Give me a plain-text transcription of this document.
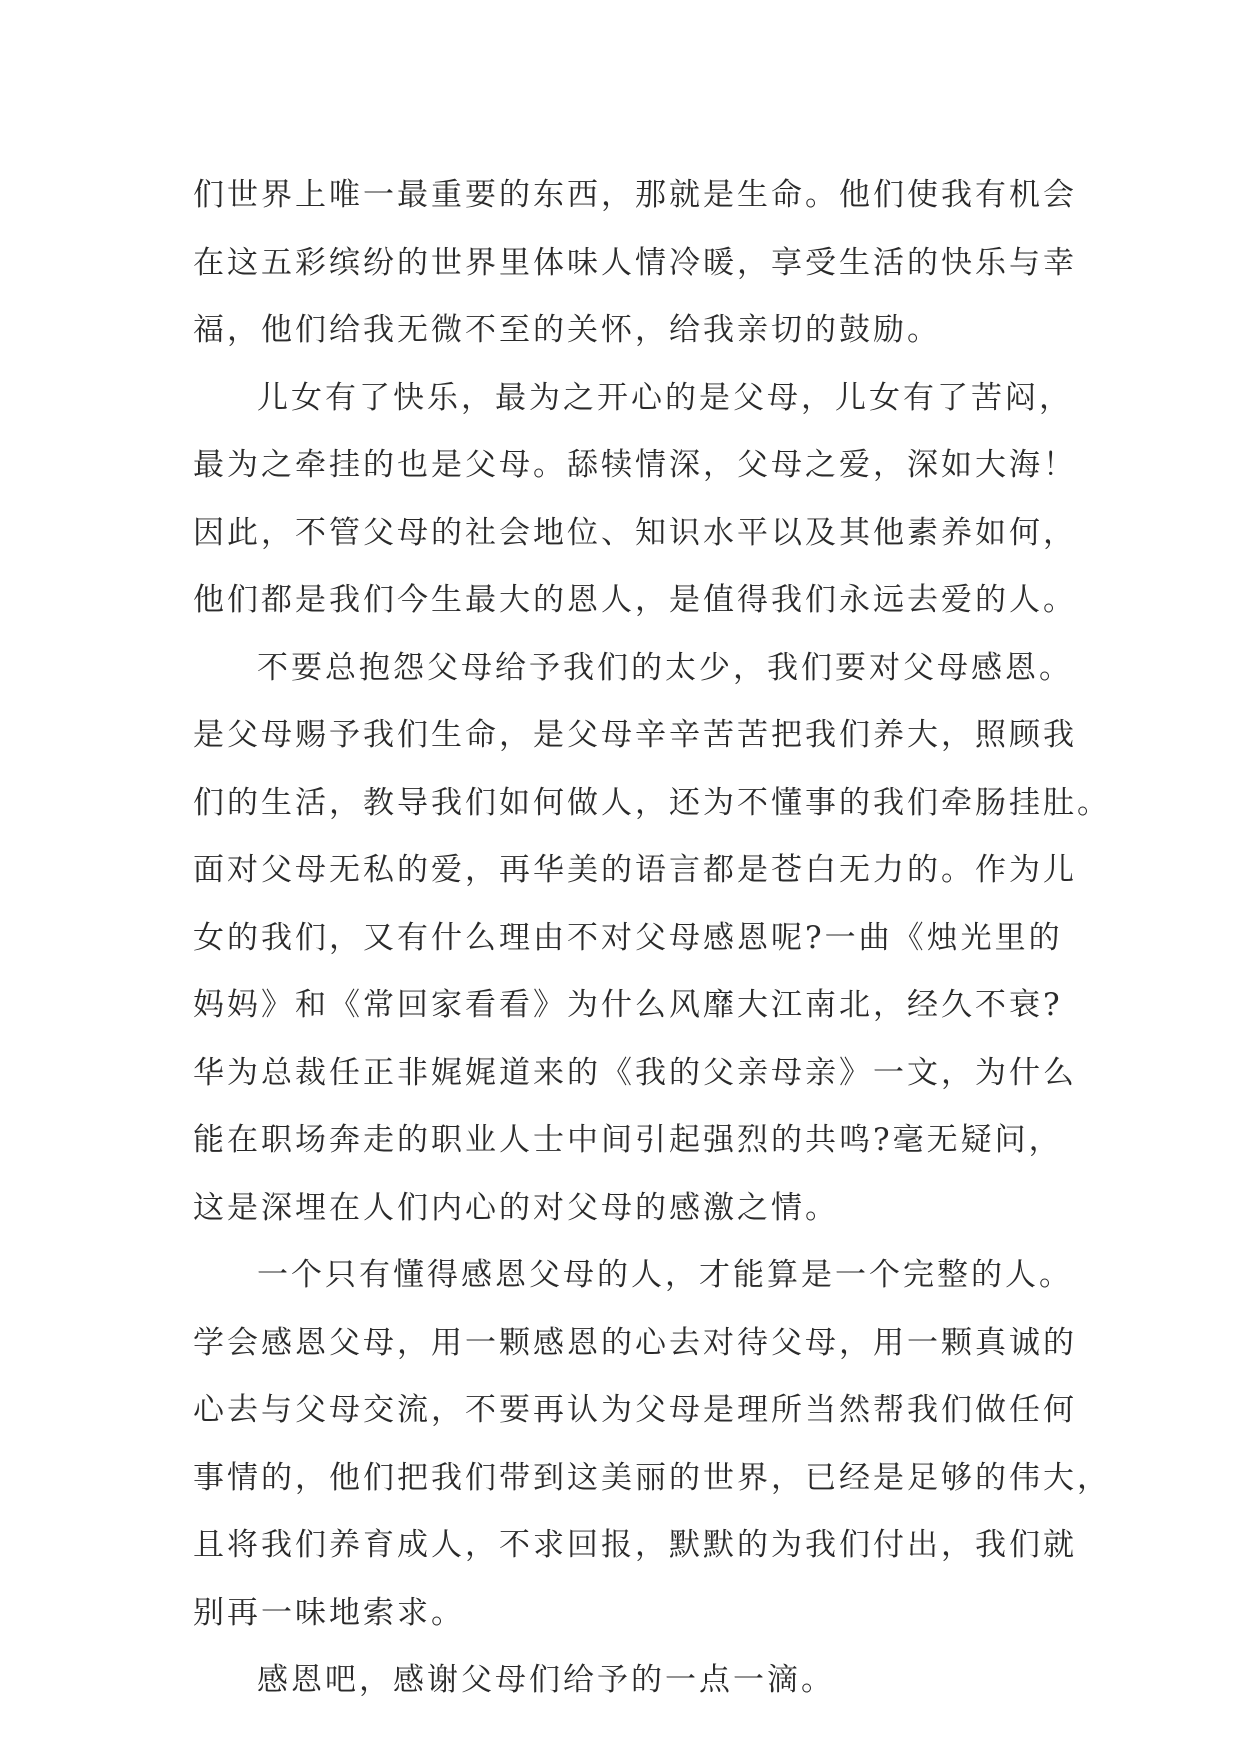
们世界上唯一最重要的东西，那就是生命。他们使我有机会
在这五彩缤纷的世界里体味人情冷暖，享受生活的快乐与幸
福，他们给我无微不至的关怀，给我亲切的鼓励。
儿女有了快乐，最为之开心的是父母，儿女有了苦闷，
最为之牵挂的也是父母。舔犊情深，父母之爱，深如大海！
因此，不管父母的社会地位、知识水平以及其他素养如何，
他们都是我们今生最大的恩人，是值得我们永远去爱的人。
不要总抱怨父母给予我们的太少，我们要对父母感恩。
是父母赐予我们生命，是父母辛辛苦苦把我们养大，照顾我
们的生活，教导我们如何做人，还为不懂事的我们牵肠挂肚。
面对父母无私的爱，再华美的语言都是苍白无力的。作为儿
女的我们，又有什么理由不对父母感恩呢?一曲《烛光里的
妈妈》和《常回家看看》为什么风靡大江南北，经久不衰?
华为总裁任正非娓娓道来的《我的父亲母亲》一文，为什么
能在职场奔走的职业人士中间引起强烈的共鸣?毫无疑问，
这是深埋在人们内心的对父母的感激之情。
一个只有懂得感恩父母的人，才能算是一个完整的人。
学会感恩父母，用一颗感恩的心去对待父母，用一颗真诚的
心去与父母交流，不要再认为父母是理所当然帮我们做任何
事情的，他们把我们带到这美丽的世界，已经是足够的伟大，
且将我们养育成人，不求回报，默默的为我们付出，我们就
别再一味地索求。
感恩吧，感谢父母们给予的一点一滴。
